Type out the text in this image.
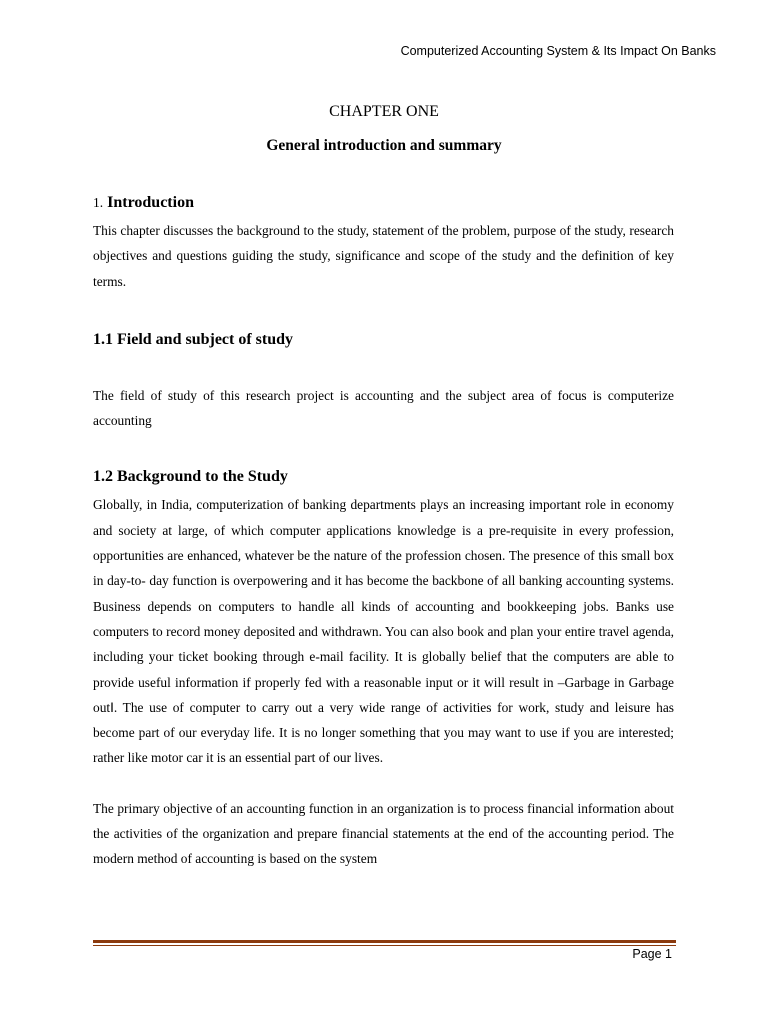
Computerized Accounting System & Its Impact On Banks
CHAPTER ONE
General introduction and summary
1. Introduction

This chapter discusses the background to the study, statement of the problem, purpose of the study, research objectives and questions guiding the study, significance and scope of the study and the definition of key terms.

1.1 Field and subject of study

The field of study of this research project is accounting and the subject area of focus is computerize accounting

1.2 Background to the Study

Globally, in India, computerization of banking departments plays an increasing important role in economy and society at large, of which computer applications knowledge is a pre-requisite in every profession, opportunities are enhanced, whatever be the nature of the profession chosen. The presence of this small box in day-to- day function is overpowering and it has become the backbone of all banking accounting systems. Business depends on computers to handle all kinds of accounting and bookkeeping jobs. Banks use computers to record money deposited and withdrawn. You can also book and plan your entire travel agenda, including your ticket booking through e-mail facility. It is globally belief that the computers are able to provide useful information if properly fed with a reasonable input or it will result in –Garbage in Garbage out‖. The use of computer to carry out a very wide range of activities for work, study and leisure has become part of our everyday life. It is no longer something that you may want to use if you are interested; rather like motor car it is an essential part of our lives.

The primary objective of an accounting function in an organization is to process financial information about the activities of the organization and prepare financial statements at the end of the accounting period. The modern method of accounting is based on the system

Page 1
